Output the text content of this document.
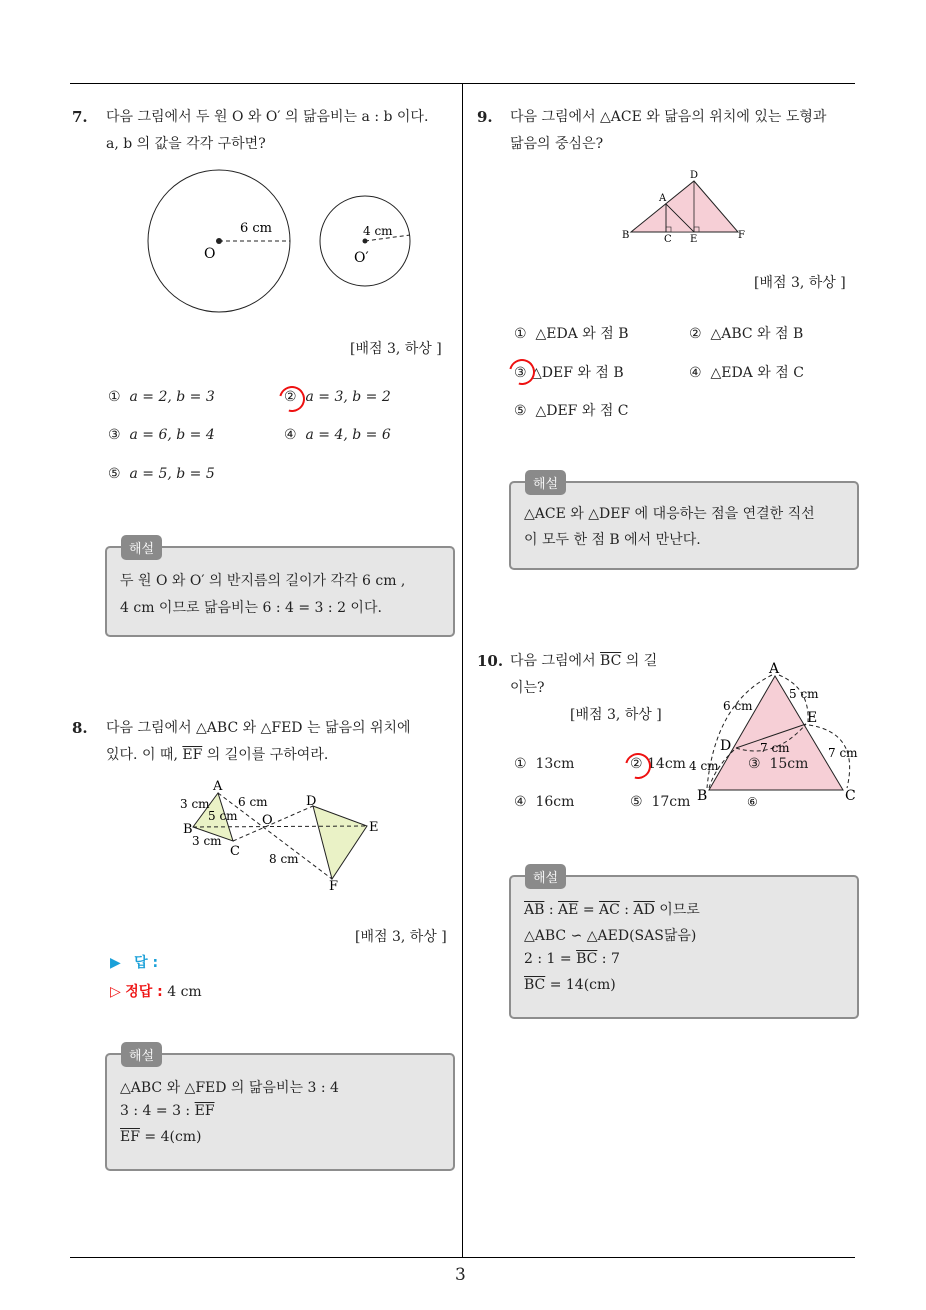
3
7. 다음 그림에서 두 원 O 와 O′ 의 닮음비는 a : b 이다.
a, b 의 값을 각각 구하면?
6 cm
O
4 cm
O′
[배점 3, 하상 ]
① a = 2, b = 3	② a = 3, b = 2
③ a = 6, b = 4	④ a = 4, b = 6
⑤ a = 5, b = 5
해설
두 원 O 와 O′ 의 반지름의 길이가 각각 6 cm ,
4 cm 이므로 닮음비는 6 : 4 = 3 : 2 이다.
8. 다음 그림에서 △ABC 와 △FED 는 닮음의 위치에
있다. 이 때, $\overline{EF}$ 의 길이를 구하여라.
A
B
C
D
E
F
O
3 cm 6 cm
5 cm
3 cm
8 cm
[배점 3, 하상 ]
▶ 답 :
▷ 정답 : 4 cm
해설
△ABC 와 △FED 의 닮음비는 3 : 4
3 : 4 = 3 : $\overline{EF}$
$\overline{EF} = 4(cm)$
9. 다음 그림에서 △ACE 와 닮음의 위치에 있는 도형과
닮음의 중심은?
A
B	C
D
E	F
[배점 3, 하상 ]
① △EDA 와 점 B	② △ABC 와 점 B
③ △DEF 와 점 B	④ △EDA 와 점 C
⑤ △DEF 와 점 C
해설
△ACE 와 △DEF 에 대응하는 점을 연결한 직선
이 모두 한 점 B 에서 만난다.
10. 다음 그림에서 $\overline{BC}$ 의 길
이는?
[배점 3, 하상 ]
A
B	C
D
E
5 cm
6 cm
7 cm	7 cm
4 cm
⑥
① 13cm	② 14cm	③ 15cm
④ 16cm	⑤ 17cm
해설
$\overline{AB}$ : $\overline{AE} = \overline{AC}$ : $\overline{AD}$ 이므로
△ABC ∽ △AED(SAS닮음)
2 : $1 = \overline{BC}$ : 7
$\overline{BC} = 14(cm)$
